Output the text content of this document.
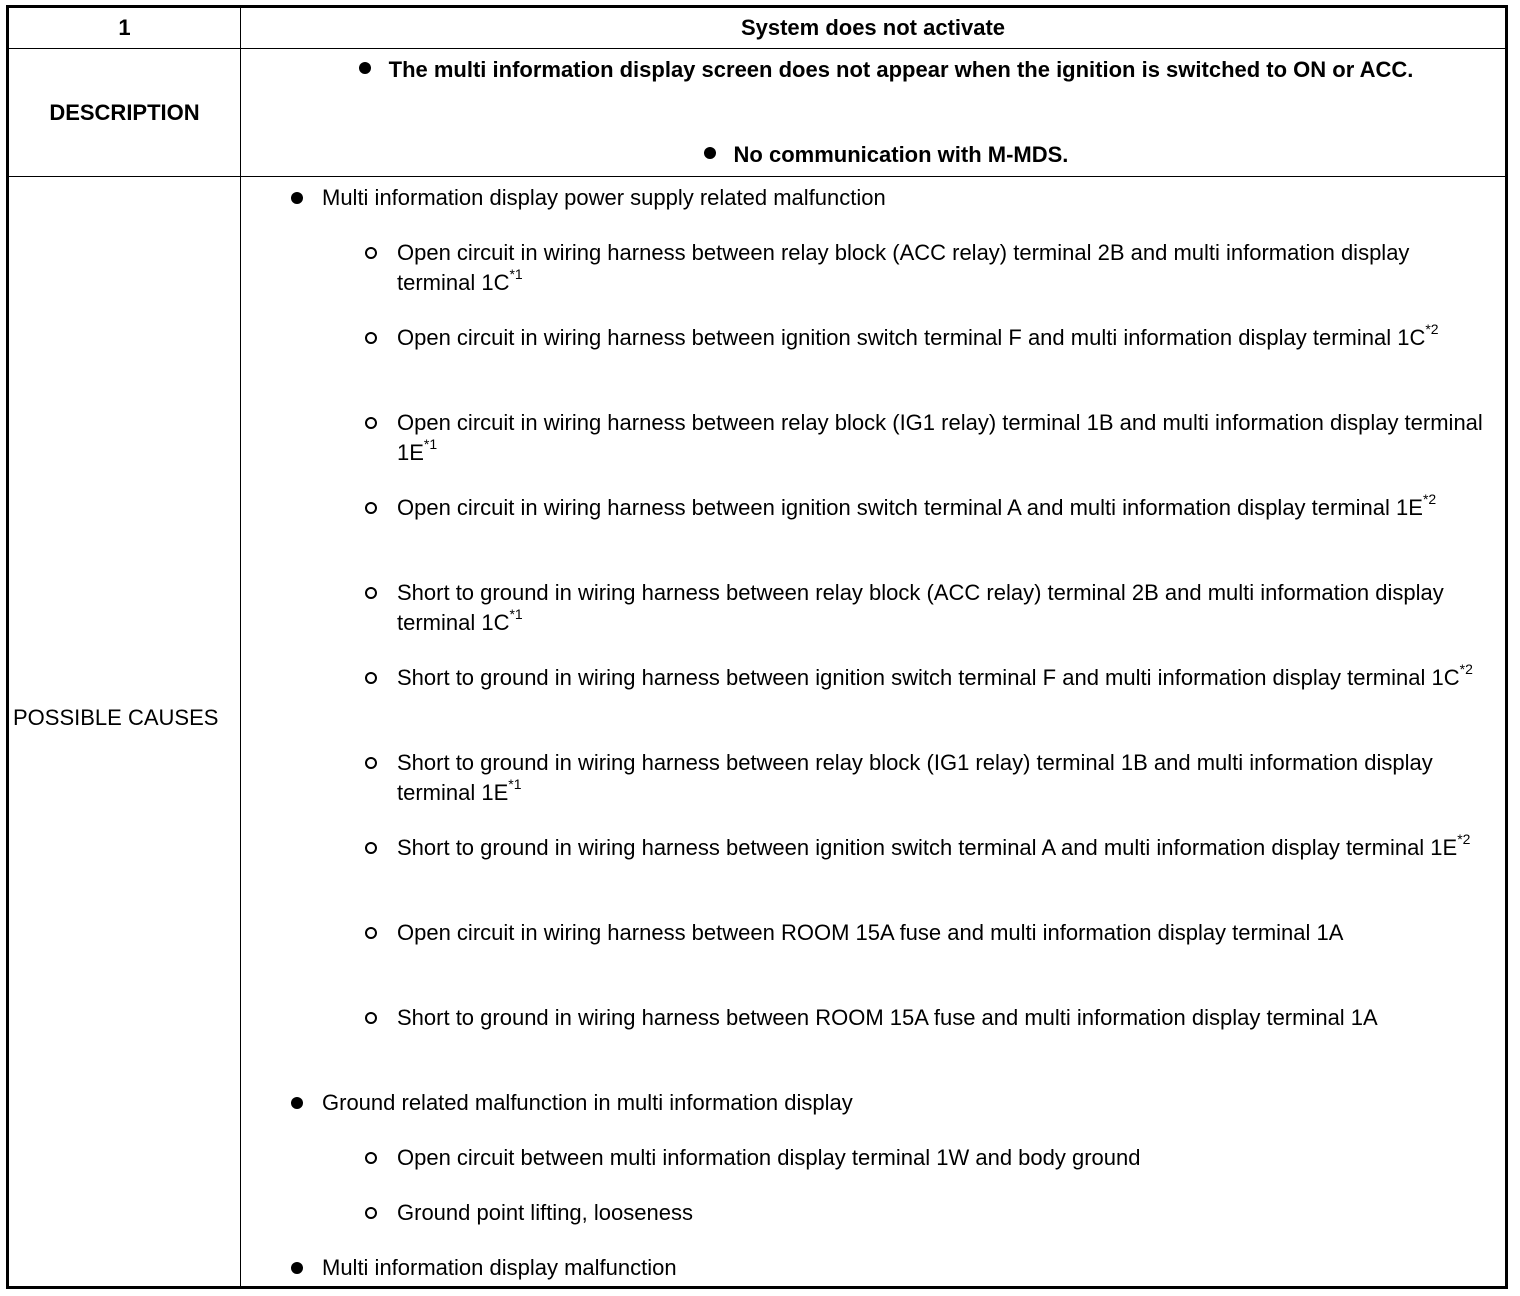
1	System does not activate
DESCRIPTION
The multi information display screen does not appear when the ignition is switched to ON or ACC.
No communication with M-MDS.
POSSIBLE CAUSES
Multi information display power supply related malfunction
Open circuit in wiring harness between relay block (ACC relay) terminal 2B and multi information display terminal $1C^{*1}$
Open circuit in wiring harness between ignition switch terminal F and multi information display terminal $1C^{*2}$
Open circuit in wiring harness between relay block (IG1 relay) terminal 1B and multi information display terminal $1E^{*1}$
Open circuit in wiring harness between ignition switch terminal A and multi information display terminal $1E^{*2}$
Short to ground in wiring harness between relay block (ACC relay) terminal 2B and multi information display terminal $1C^{*1}$
Short to ground in wiring harness between ignition switch terminal F and multi information display terminal $1C^{*2}$
Short to ground in wiring harness between relay block (IG1 relay) terminal 1B and multi information display terminal $1E^{*1}$
Short to ground in wiring harness between ignition switch terminal A and multi information display terminal $1E^{*2}$
Open circuit in wiring harness between ROOM 15A fuse and multi information display terminal 1A
Short to ground in wiring harness between ROOM 15A fuse and multi information display terminal 1A
Ground related malfunction in multi information display
Open circuit between multi information display terminal 1W and body ground
Ground point lifting, looseness
Multi information display malfunction
